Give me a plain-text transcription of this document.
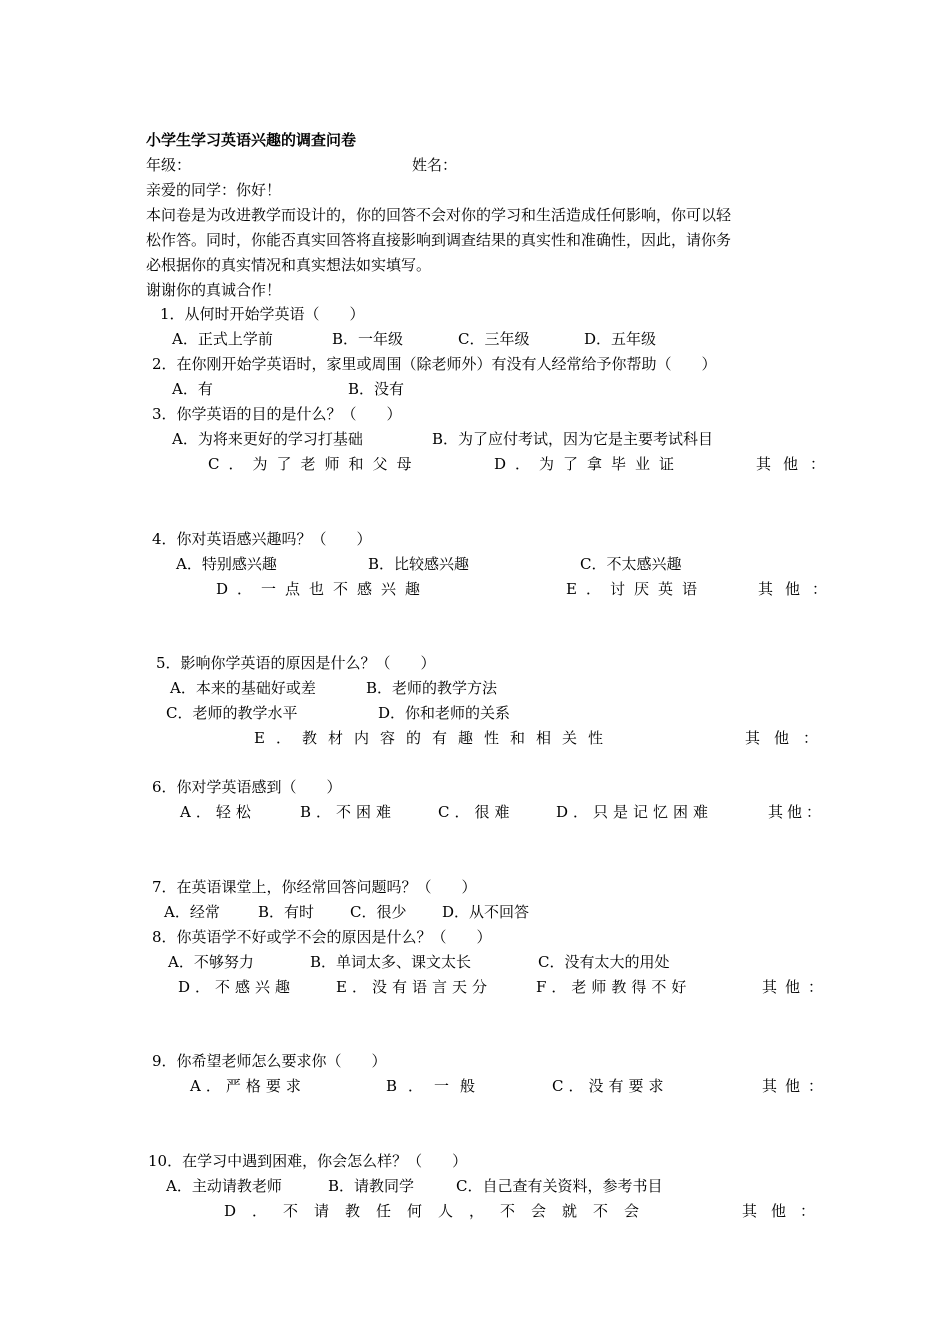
小学生学习英语兴趣的调查问卷
年级：	姓名：
亲爱的同学：你好！
本问卷是为改进教学而设计的，你的回答不会对你的学习和生活造成任何影响，你可以轻
松作答。同时，你能否真实回答将直接影响到调查结果的真实性和准确性，因此，请你务
必根据你的真实情况和真实想法如实填写。
谢谢你的真诚合作！
1．从何时开始学英语（　　）
A．正式上学前	B．一年级	C．三年级	D．五年级
2．在你刚开始学英语时，家里或周围（除老师外）有没有人经常给予你帮助（　　）
A．有	B．没有
3．你学英语的目的是什么？（　　）
A．为将来更好的学习打基础	B．为了应付考试，因为它是主要考试科目
C．为了老师和父母	D．为了拿毕业证	其他：
4．你对英语感兴趣吗？（　　）
A．特别感兴趣	B．比较感兴趣	C．不太感兴趣
D．一点也不感兴趣	E．讨厌英语	其他：
5．影响你学英语的原因是什么？（　　）
A．本来的基础好或差	B．老师的教学方法
C．老师的教学水平	D．你和老师的关系
E．教材内容的有趣性和相关性	其他：
6．你对学英语感到（　　）
A．轻松	B．不困难	C．很难	D．只是记忆困难	其他：
7．在英语课堂上，你经常回答问题吗？（　　）
A．经常	B．有时 C．很少 D．从不回答
8．你英语学不好或学不会的原因是什么？（　　）
A．不够努力	B．单词太多、课文太长	C．没有太大的用处
D．不感兴趣	E．没有语言天分	F．老师教得不好	其他：
9．你希望老师怎么要求你（　　）
A．严格要求	B．一般	C．没有要求	其他：
10．在学习中遇到困难，你会怎么样？（　　）
A．主动请教老师	B．请教同学	C．自己查有关资料，参考书目
D．不请教任何人，不会就不会	其他：
